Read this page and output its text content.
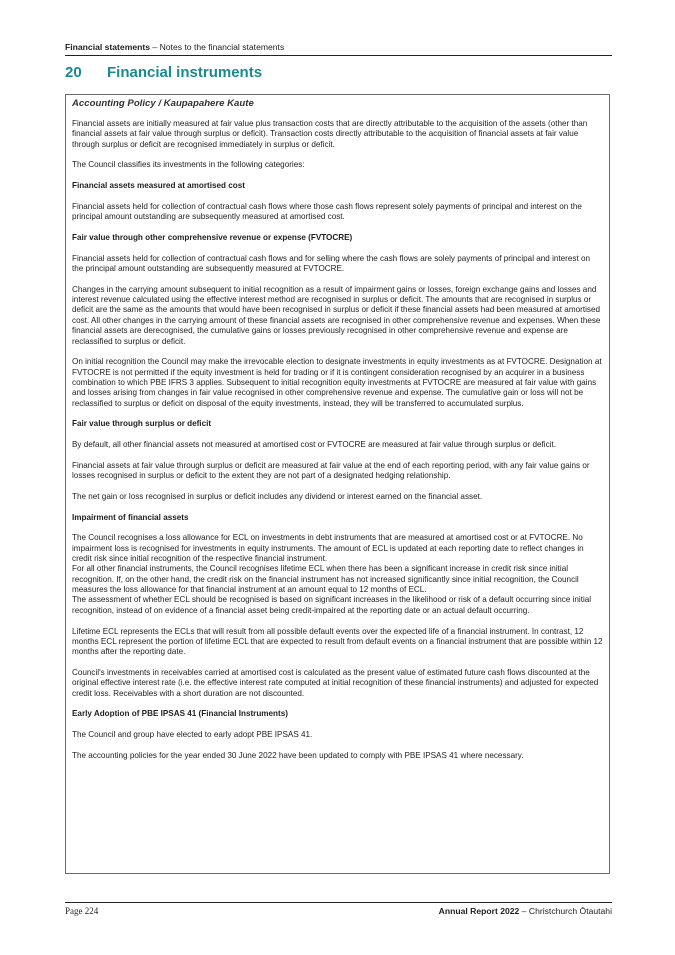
Financial statements – Notes to the financial statements
20 Financial instruments
Accounting Policy / Kaupapahere Kaute

Financial assets are initially measured at fair value plus transaction costs that are directly attributable to the acquisition of the assets (other than financial assets at fair value through surplus or deficit). Transaction costs directly attributable to the acquisition of financial assets at fair value through surplus or deficit are recognised immediately in surplus or deficit.

The Council classifies its investments in the following categories:

Financial assets measured at amortised cost

Financial assets held for collection of contractual cash flows where those cash flows represent solely payments of principal and interest on the principal amount outstanding are subsequently measured at amortised cost.

Fair value through other comprehensive revenue or expense (FVTOCRE)

Financial assets held for collection of contractual cash flows and for selling where the cash flows are solely payments of principal and interest on the principal amount outstanding are subsequently measured at FVTOCRE.

Changes in the carrying amount subsequent to initial recognition as a result of impairment gains or losses, foreign exchange gains and losses and interest revenue calculated using the effective interest method are recognised in surplus or deficit. The amounts that are recognised in surplus or deficit are the same as the amounts that would have been recognised in surplus or deficit if these financial assets had been measured at amortised cost. All other changes in the carrying amount of these financial assets are recognised in other comprehensive revenue and expenses. When these financial assets are derecognised, the cumulative gains or losses previously recognised in other comprehensive revenue and expense are reclassified to surplus or deficit.

On initial recognition the Council may make the irrevocable election to designate investments in equity investments as at FVTOCRE. Designation at FVTOCRE is not permitted if the equity investment is held for trading or if it is contingent consideration recognised by an acquirer in a business combination to which PBE IFRS 3 applies. Subsequent to initial recognition equity investments at FVTOCRE are measured at fair value with gains and losses arising from changes in fair value recognised in other comprehensive revenue and expense. The cumulative gain or loss will not be reclassified to surplus or deficit on disposal of the equity investments, instead, they will be transferred to accumulated surplus.

Fair value through surplus or deficit

By default, all other financial assets not measured at amortised cost or FVTOCRE are measured at fair value through surplus or deficit.

Financial assets at fair value through surplus or deficit are measured at fair value at the end of each reporting period, with any fair value gains or losses recognised in surplus or deficit to the extent they are not part of a designated hedging relationship.

The net gain or loss recognised in surplus or deficit includes any dividend or interest earned on the financial asset.

Impairment of financial assets

The Council recognises a loss allowance for ECL on investments in debt instruments that are measured at amortised cost or at FVTOCRE. No impairment loss is recognised for investments in equity instruments. The amount of ECL is updated at each reporting date to reflect changes in credit risk since initial recognition of the respective financial instrument.

For all other financial instruments, the Council recognises lifetime ECL when there has been a significant increase in credit risk since initial recognition. If, on the other hand, the credit risk on the financial instrument has not increased significantly since initial recognition, the Council measures the loss allowance for that financial instrument at an amount equal to 12 months of ECL.

The assessment of whether ECL should be recognised is based on significant increases in the likelihood or risk of a default occurring since initial recognition, instead of on evidence of a financial asset being credit-impaired at the reporting date or an actual default occurring.

Lifetime ECL represents the ECLs that will result from all possible default events over the expected life of a financial instrument. In contrast, 12 months ECL represent the portion of lifetime ECL that are expected to result from default events on a financial instrument that are possible within 12 months after the reporting date.

Council's investments in receivables carried at amortised cost is calculated as the present value of estimated future cash flows discounted at the original effective interest rate (i.e. the effective interest rate computed at initial recognition of these financial instruments) and adjusted for expected credit loss. Receivables with a short duration are not discounted.

Early Adoption of PBE IPSAS 41 (Financial Instruments)

The Council and group have elected to early adopt PBE IPSAS 41.

The accounting policies for the year ended 30 June 2022 have been updated to comply with PBE IPSAS 41 where necessary.

Page 224	Annual Report 2022 – Christchurch Ōtautahi
